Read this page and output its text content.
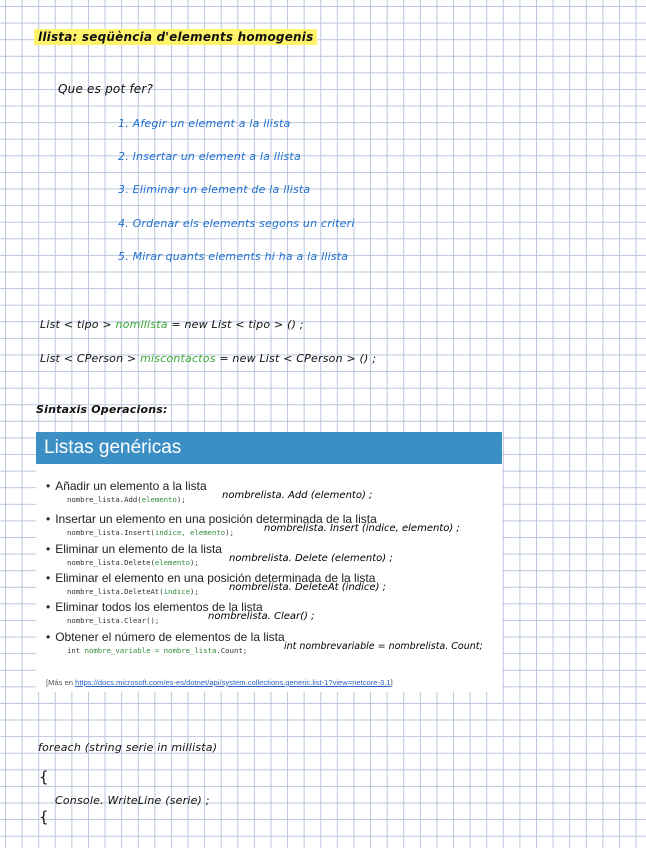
llista: seqüència d'elements homogenis
Que es pot fer?
1. Afegir un element a la llista
2. Insertar un element a la llista
3. Eliminar un element de la llista
4. Ordenar els elements segons un criteri
5. Mirar quants elements hi ha a la llista
List < tipo > nomllista = new List < tipo > () ;
List < CPerson > miscontactos = new List < CPerson > () ;
Sintaxis Operacions:
Listas genéricas
• Añadir un elemento a la lista
nombre_lista.Add(elemento);	nombrelista. Add (elemento) ;
• Insertar un elemento en una posición determinada de la lista
nombre_lista.Insert(indice, elemento);	nombrelista. Insert (indice, elemento) ;
• Eliminar un elemento de la lista
nombre_lista.Delete(elemento);	nombrelista. Delete (elemento) ;
• Eliminar el elemento en una posición determinada de la lista
nombre_lista.DeleteAt(indice);	nombrelista. DeleteAt (indice) ;
• Eliminar todos los elementos de la lista
nombre_lista.Clear();	nombrelista. Clear() ;
• Obtener el número de elementos de la lista
int nombre_variable = nombre_lista.Count;	int nombrevariable = nombrelista. Count;
[Más en https://docs.microsoft.com/es-es/dotnet/api/system.collections.generic.list-1?view=netcore-3.1]
foreach (string serie in millista)
{
Console. WriteLine (serie) ;
{
